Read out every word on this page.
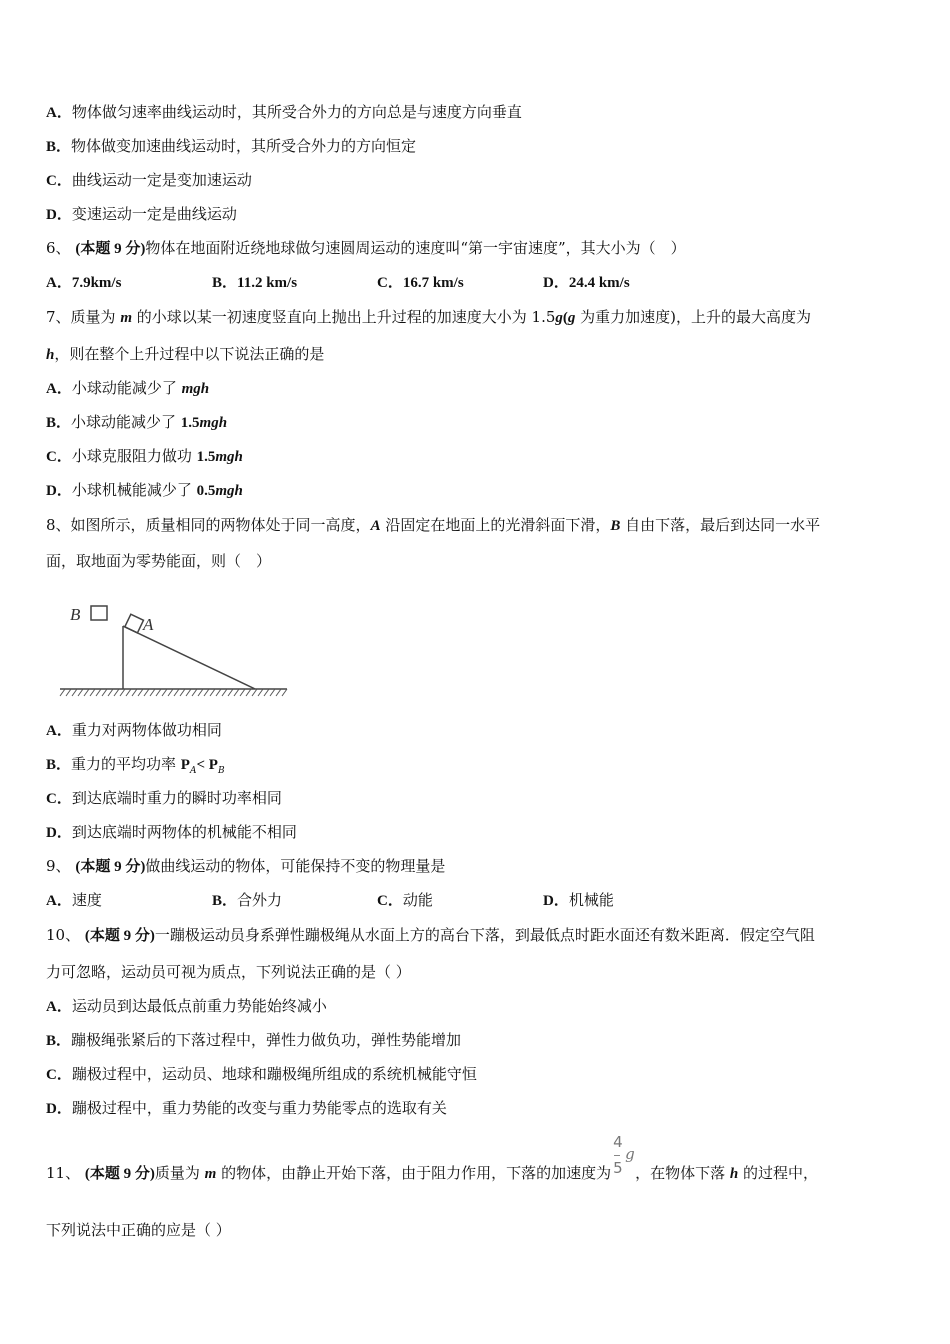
A．物体做匀速率曲线运动时，其所受合外力的方向总是与速度方向垂直
B．物体做变加速曲线运动时，其所受合外力的方向恒定
C．曲线运动一定是变加速运动
D．变速运动一定是曲线运动
6、 (本题 9 分)物体在地面附近绕地球做匀速圆周运动的速度叫“第一宇宙速度”，其大小为（　）
A．7.9km/s	B．11.2 km/s	C．16.7 km/s	D．24.4 km/s
7、质量为 m 的小球以某一初速度竖直向上抛出上升过程的加速度大小为 1.5g(g 为重力加速度)，上升的最大高度为
h，则在整个上升过程中以下说法正确的是
A．小球动能减少了 mgh
B．小球动能减少了 1.5mgh
C．小球克服阻力做功 1.5mgh
D．小球机械能减少了 0.5mgh
8、如图所示，质量相同的两物体处于同一高度，A 沿固定在地面上的光滑斜面下滑，B 自由下落，最后到达同一水平
面，取地面为零势能面，则（　）
B
A
A．重力对两物体做功相同
B．重力的平均功率 $P_A< P_B$
C．到达底端时重力的瞬时功率相同
D．到达底端时两物体的机械能不相同
9、 (本题 9 分)做曲线运动的物体，可能保持不变的物理量是
A．速度	B．合外力	C．动能	D．机械能
10、 (本题 9 分)一蹦极运动员身系弹性蹦极绳从水面上方的高台下落，到最低点时距水面还有数米距离．假定空气阻
力可忽略，运动员可视为质点，下列说法正确的是（ ）
A．运动员到达最低点前重力势能始终减小
B．蹦极绳张紧后的下落过程中，弹性力做负功，弹性势能增加
C．蹦极过程中，运动员、地球和蹦极绳所组成的系统机械能守恒
D．蹦极过程中，重力势能的改变与重力势能零点的选取有关
11、 (本题 9 分)质量为 m 的物体，由静止开始下落，由于阻力作用，下落的加速度为
4
5
g
，在物体下落 h 的过程中，
下列说法中正确的应是（ ）
